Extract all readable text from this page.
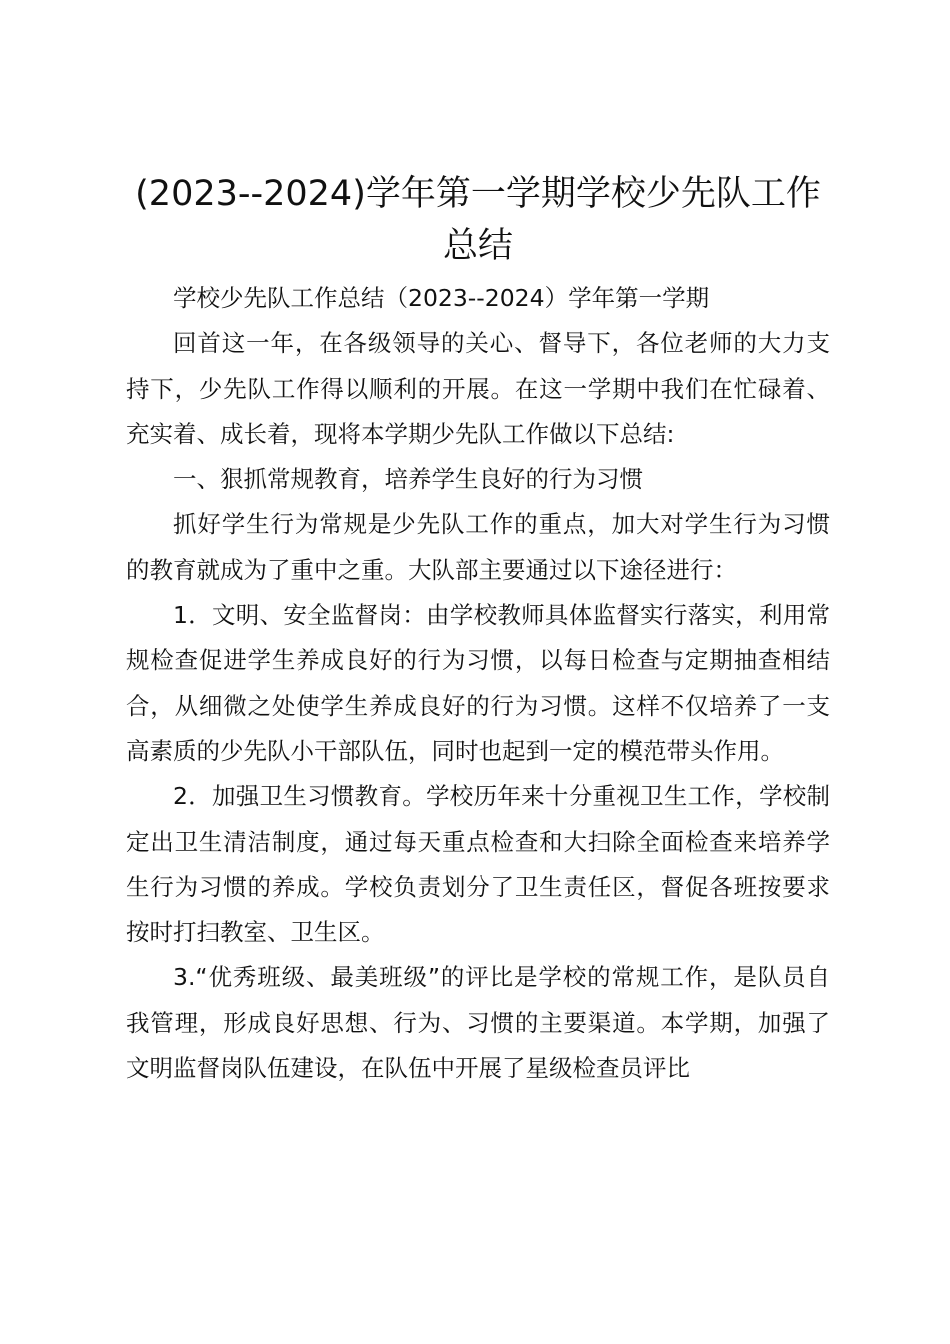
(2023--2024)学年第一学期学校少先队工作
总结

学校少先队工作总结（2023--2024）学年第一学期

回首这一年，在各级领导的关心、督导下，各位老师的大力支持下，少先队工作得以顺利的开展。在这一学期中我们在忙碌着、充实着、成长着，现将本学期少先队工作做以下总结:

一、狠抓常规教育，培养学生良好的行为习惯

抓好学生行为常规是少先队工作的重点，加大对学生行为习惯的教育就成为了重中之重。大队部主要通过以下途径进行：

1．文明、安全监督岗：由学校教师具体监督实行落实，利用常规检查促进学生养成良好的行为习惯，以每日检查与定期抽查相结合，从细微之处使学生养成良好的行为习惯。这样不仅培养了一支高素质的少先队小干部队伍，同时也起到一定的模范带头作用。

2．加强卫生习惯教育。学校历年来十分重视卫生工作，学校制定出卫生清洁制度，通过每天重点检查和大扫除全面检查来培养学生行为习惯的养成。学校负责划分了卫生责任区，督促各班按要求按时打扫教室、卫生区。

3.“优秀班级、最美班级”的评比是学校的常规工作，是队员自我管理，形成良好思想、行为、习惯的主要渠道。本学期，加强了文明监督岗队伍建设，在队伍中开展了星级检查员评比
